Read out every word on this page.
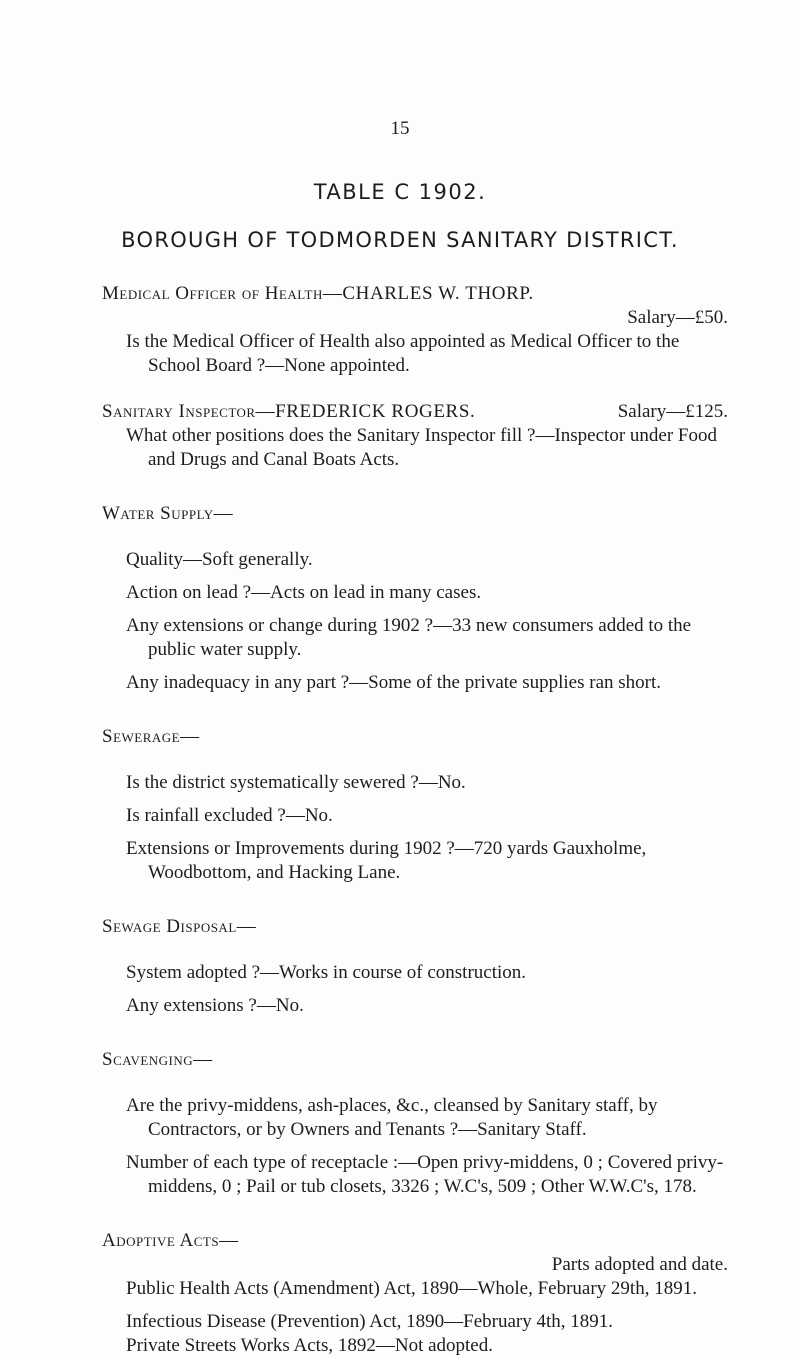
15
TABLE C 1902.
BOROUGH OF TODMORDEN SANITARY DISTRICT.

Medical Officer of Health—CHARLES W. THORP.

Salary—£50.

Is the Medical Officer of Health also appointed as Medical Officer to the School Board ?—None appointed.

Sanitary Inspector—FREDERICK ROGERS.	Salary—£125.

What other positions does the Sanitary Inspector fill ?—Inspector under Food and Drugs and Canal Boats Acts.

Water Supply—

Quality—Soft generally.

Action on lead ?—Acts on lead in many cases.

Any extensions or change during 1902 ?—33 new consumers added to the public water supply.

Any inadequacy in any part ?—Some of the private supplies ran short.

Sewerage—

Is the district systematically sewered ?—No.

Is rainfall excluded ?—No.

Extensions or Improvements during 1902 ?—720 yards Gauxholme, Woodbottom, and Hacking Lane.

Sewage Disposal—

System adopted ?—Works in course of construction.

Any extensions ?—No.

Scavenging—

Are the privy-middens, ash-places, &c., cleansed by Sanitary staff, by Contractors, or by Owners and Tenants ?—Sanitary Staff.

Number of each type of receptacle :—Open privy-middens, 0 ; Covered privy-middens, 0 ; Pail or tub closets, 3326 ; W.C's, 509 ; Other W.W.C's, 178.

Adoptive Acts—

Parts adopted and date.

Public Health Acts (Amendment) Act, 1890—Whole, February 29th, 1891.

Infectious Disease (Prevention) Act, 1890—February 4th, 1891.

Private Streets Works Acts, 1892—Not adopted.
